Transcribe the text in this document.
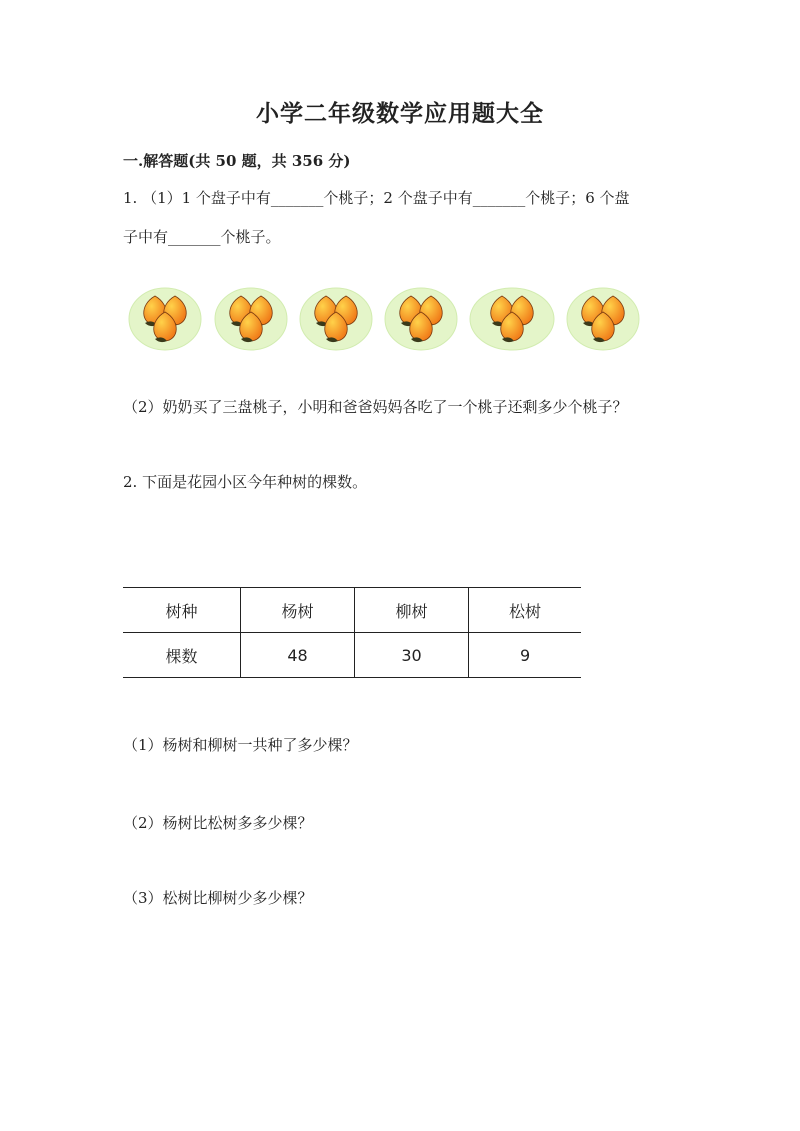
小学二年级数学应用题大全
一.解答题(共 50 题，共 356 分)
1. （1）1 个盘子中有_______个桃子；2 个盘子中有_______个桃子；6 个盘
子中有_______个桃子。
（2）奶奶买了三盘桃子，小明和爸爸妈妈各吃了一个桃子还剩多少个桃子？
2. 下面是花园小区今年种树的棵数。
树种	杨树	柳树	松树
棵数	48	30	9
（1）杨树和柳树一共种了多少棵？
（2）杨树比松树多多少棵？
（3）松树比柳树少多少棵？
